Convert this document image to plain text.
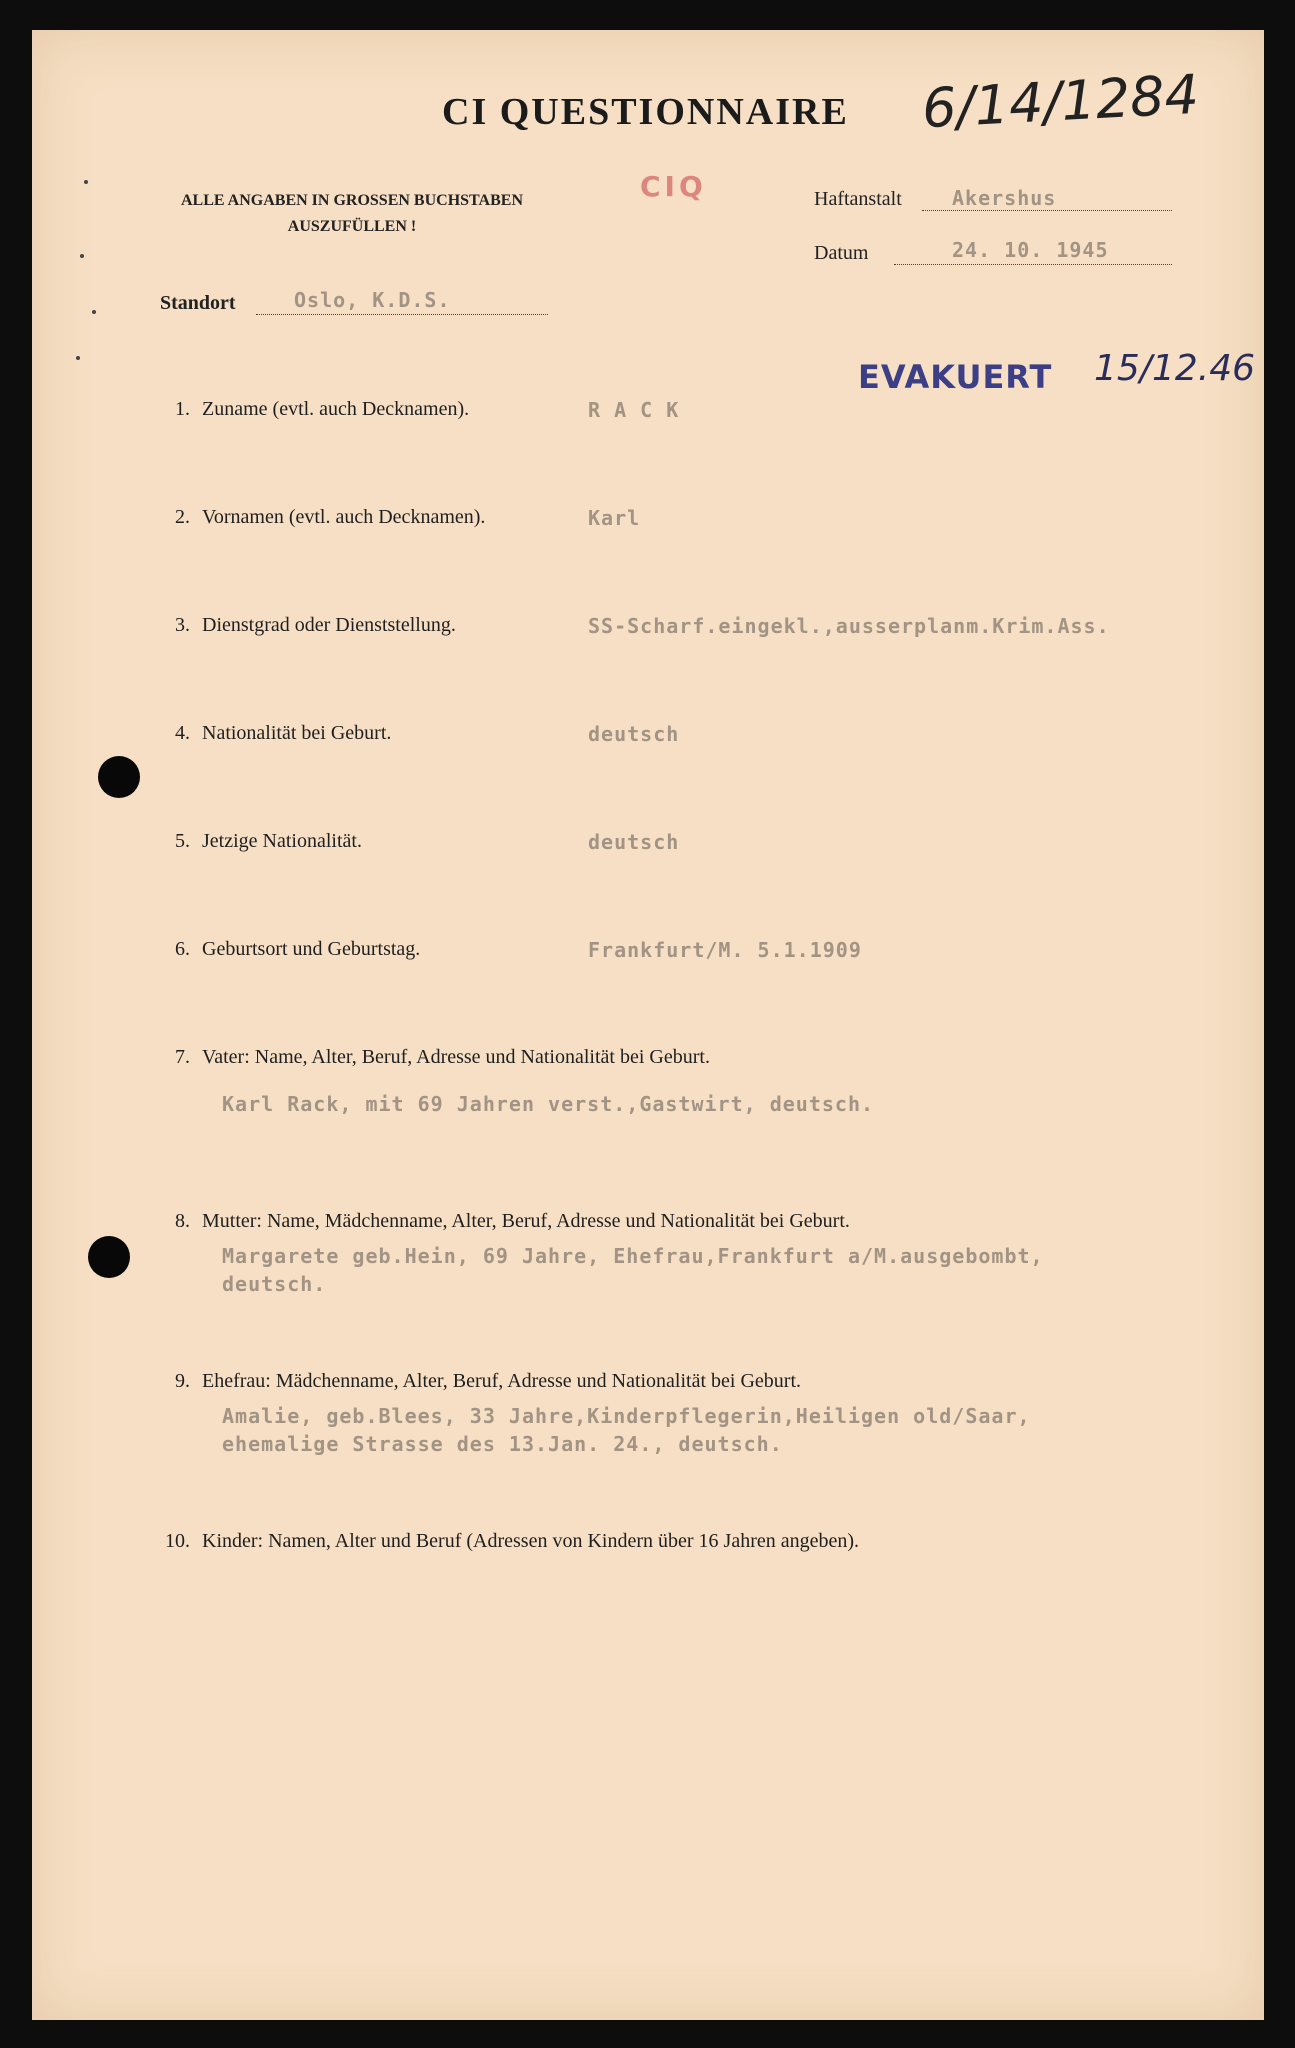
CI QUESTIONNAIRE 6/14/1284
ALLE ANGABEN IN GROSSEN BUCHSTABEN
AUSZUFÜLLEN !
CIQ	Haftanstalt	Akershus
Datum	24. 10. 1945
Standort	Oslo, K.D.S.
EVAKUERT 15/12.46
1. Zuname (evtl. auch Decknamen).	R A C K
2. Vornamen (evtl. auch Decknamen).	Karl
3. Dienstgrad oder Dienststellung.	SS-Scharf.eingekl.,ausserplanm.Krim.Ass.
4. Nationalität bei Geburt.	deutsch
5. Jetzige Nationalität.	deutsch
6. Geburtsort und Geburtstag.	Frankfurt/M. 5.1.1909
7. Vater: Name, Alter, Beruf, Adresse und Nationalität bei Geburt.
Karl Rack, mit 69 Jahren verst.,Gastwirt, deutsch.
8. Mutter: Name, Mädchenname, Alter, Beruf, Adresse und Nationalität bei Geburt.
Margarete geb.Hein, 69 Jahre, Ehefrau,Frankfurt a/M.ausgebombt,
deutsch.
9. Ehefrau: Mädchenname, Alter, Beruf, Adresse und Nationalität bei Geburt.
Amalie, geb.Blees, 33 Jahre,Kinderpflegerin,Heiligen old/Saar,
ehemalige Strasse des 13.Jan. 24., deutsch.
10. Kinder: Namen, Alter und Beruf (Adressen von Kindern über 16 Jahren angeben).
